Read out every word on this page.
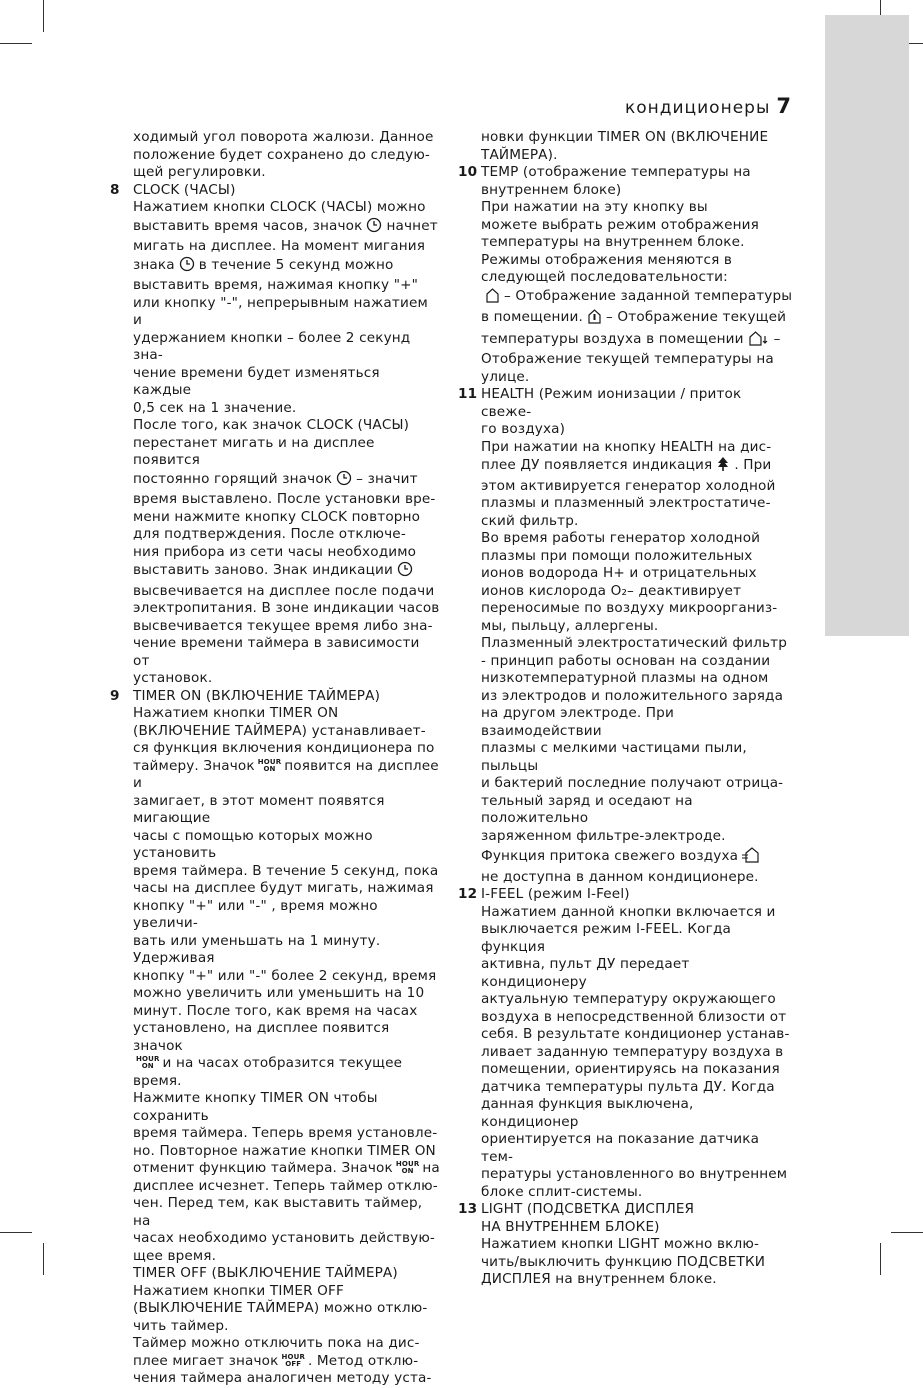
кондиционеры 7
ходимый угол поворота жалюзи. Данное
положение будет сохранено до следую-
щей регулировки.
8 CLOCK (ЧАСЫ)
Нажатием кнопки CLOCK (ЧАСЫ) можно
выставить время часов, значок начнет
мигать на дисплее. На момент мигания
знака в течение 5 секунд можно
выставить время, нажимая кнопку "+"
или кнопку "-", непрерывным нажатием и
удержанием кнопки – более 2 секунд зна-
чение времени будет изменяться каждые
0,5 сек на 1 значение.
После того, как значок CLOCK (ЧАСЫ)
перестанет мигать и на дисплее появится
постоянно горящий значок – значит
время выставлено. После установки вре-
мени нажмите кнопку CLOCK повторно
для подтверждения. После отключе-
ния прибора из сети часы необходимо
выставить заново. Знак индикации
высвечивается на дисплее после подачи
электропитания. В зоне индикации часов
высвечивается текущее время либо зна-
чение времени таймера в зависимости от
установок.
9 TIMER ON (ВКЛЮЧЕНИЕ ТАЙМЕРА)
Нажатием кнопки TIMER ON
(ВКЛЮЧЕНИЕ ТАЙМЕРА) устанавливает-
ся функция включения кондиционера по
таймеру. Значок HOUR
ON появится на дисплее и
замигает, в этот момент появятся мигающие
часы с помощью которых можно установить
время таймера. В течение 5 секунд, пока
часы на дисплее будут мигать, нажимая
кнопку "+" или "-" , время можно увеличи-
вать или уменьшать на 1 минуту. Удерживая
кнопку "+" или "-" более 2 секунд, время
можно увеличить или уменьшить на 10
минут. После того, как время на часах
установлено, на дисплее появится значок
HOUR
ON и на часах отобразится текущее время.
Нажмите кнопку TIMER ON чтобы сохранить
время таймера. Теперь время установле-
но. Повторное нажатие кнопки TIMER ON
отменит функцию таймера. Значок HOUR
ON на
дисплее исчезнет. Теперь таймер отклю-
чен. Перед тем, как выставить таймер, на
часах необходимо установить действую-
щее время.
TIMER OFF (ВЫКЛЮЧЕНИЕ ТАЙМЕРА)
Нажатием кнопки TIMER OFF
(ВЫКЛЮЧЕНИЕ ТАЙМЕРА) можно отклю-
чить таймер.
Таймер можно отключить пока на дис-
плее мигает значок HOUR
OFF . Метод отклю-
чения таймера аналогичен методу уста-
новки функции TIMER ON (ВКЛЮЧЕНИЕ
ТАЙМЕРА).
10 TEMP (отображение температуры на
внутреннем блоке)
При нажатии на эту кнопку вы
можете выбрать режим отображения
температуры на внутреннем блоке.
Режимы отображения меняются в
следующей последовательности:
– Отображение заданной температуры
в помещении. – Отображение текущей
температуры воздуха в помещении –
Отображение текущей температуры на
улице.
11 HEALTH (Режим ионизации / приток свеже-
го воздуха)
При нажатии на кнопку HEALTH на дис-
плее ДУ появляется индикация . При
этом активируется генератор холодной
плазмы и плазменный электростатиче-
ский фильтр.
Во время работы генератор холодной
плазмы при помощи положительных
ионов водорода H+ и отрицательных
ионов кислорода O₂– деактивирует
переносимые по воздуху микроорганиз-
мы, пыльцу, аллергены.
Плазменный электростатический фильтр
- принцип работы основан на создании
низкотемпературной плазмы на одном
из электродов и положительного заряда
на другом электроде. При взаимодействии
плазмы с мелкими частицами пыли, пыльцы
и бактерий последние получают отрица-
тельный заряд и оседают на положительно
заряженном фильтре-электроде.
Функция притока свежего воздуха
не доступна в данном кондиционере.
12 I-FEEL (режим I-Feel)
Нажатием данной кнопки включается и
выключается режим I-FEEL. Когда функция
активна, пульт ДУ передает кондиционеру
актуальную температуру окружающего
воздуха в непосредственной близости от
себя. В результате кондиционер устанав-
ливает заданную температуру воздуха в
помещении, ориентируясь на показания
датчика температуры пульта ДУ. Когда
данная функция выключена, кондиционер
ориентируется на показание датчика тем-
пературы установленного во внутреннем
блоке сплит-системы.
13 LIGHT (ПОДСВЕТКА ДИСПЛЕЯ
НА ВНУТРЕННЕМ БЛОКЕ)
Нажатием кнопки LIGHT можно вклю-
чить/выключить функцию ПОДСВЕТКИ
ДИСПЛЕЯ на внутреннем блоке.
